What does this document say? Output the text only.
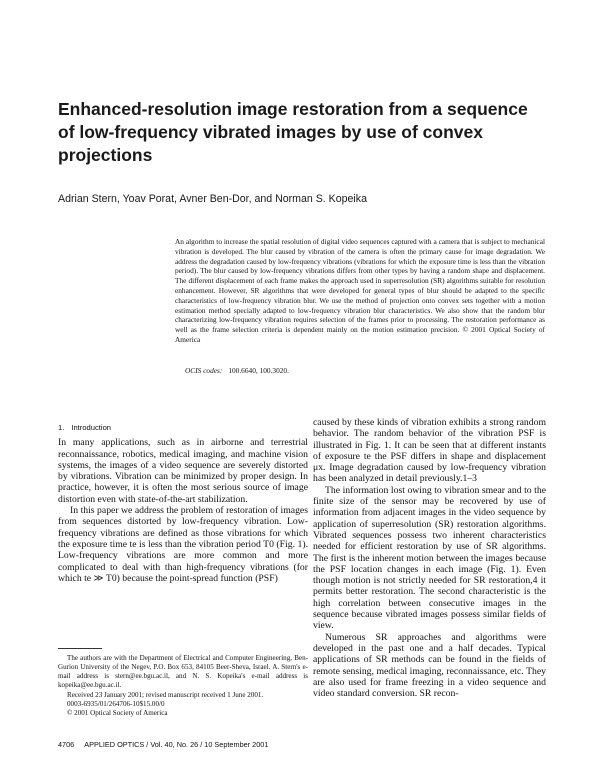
Enhanced-resolution image restoration from a sequence of low-frequency vibrated images by use of convex projections
Adrian Stern, Yoav Porat, Avner Ben-Dor, and Norman S. Kopeika

An algorithm to increase the spatial resolution of digital video sequences captured with a camera that is subject to mechanical vibration is developed. The blur caused by vibration of the camera is often the primary cause for image degradation. We address the degradation caused by low-frequency vibrations (vibrations for which the exposure time is less than the vibration period). The blur caused by low-frequency vibrations differs from other types by having a random shape and displacement. The different displacement of each frame makes the approach used in superresolution (SR) algorithms suitable for resolution enhancement. However, SR algorithms that were developed for general types of blur should be adapted to the specific characteristics of low-frequency vibration blur. We use the method of projection onto convex sets together with a motion estimation method specially adapted to low-frequency vibration blur characteristics. We also show that the random blur characterizing low-frequency vibration requires selection of the frames prior to processing. The restoration performance as well as the frame selection criteria is dependent mainly on the motion estimation precision. © 2001 Optical Society of America

OCIS codes: 100.6640, 100.3020.
1. Introduction

In many applications, such as in airborne and terrestrial reconnaissance, robotics, medical imaging, and machine vision systems, the images of a video sequence are severely distorted by vibrations. Vibration can be minimized by proper design. In practice, however, it is often the most serious source of image distortion even with state-of-the-art stabilization.

In this paper we address the problem of restoration of images from sequences distorted by low-frequency vibration. Low-frequency vibrations are defined as those vibrations for which the exposure time te is less than the vibration period T0 (Fig. 1). Low-frequency vibrations are more common and more complicated to deal with than high-frequency vibrations (for which te ≫ T0) because the point-spread function (PSF)

caused by these kinds of vibration exhibits a strong random behavior. The random behavior of the vibration PSF is illustrated in Fig. 1. It can be seen that at different instants of exposure te the PSF differs in shape and displacement μx. Image degradation caused by low-frequency vibration has been analyzed in detail previously.1–3

The information lost owing to vibration smear and to the finite size of the sensor may be recovered by use of information from adjacent images in the video sequence by application of superresolution (SR) restoration algorithms. Vibrated sequences possess two inherent characteristics needed for efficient restoration by use of SR algorithms. The first is the inherent motion between the images because the PSF location changes in each image (Fig. 1). Even though motion is not strictly needed for SR restoration,4 it permits better restoration. The second characteristic is the high correlation between consecutive images in the sequence because vibrated images possess similar fields of view.

Numerous SR approaches and algorithms were developed in the past one and a half decades. Typical applications of SR methods can be found in the fields of remote sensing, medical imaging, reconnaissance, etc. They are also used for frame freezing in a video sequence and video standard conversion. SR recon-

The authors are with the Department of Electrical and Computer Engineering, Ben-Gurion University of the Negev, P.O. Box 653, 84105 Beer-Sheva, Israel. A. Stern's e-mail address is stern@ee.bgu.ac.il, and N. S. Kopeika's e-mail address is kopeika@ee.bgu.ac.il.

Received 23 January 2001; revised manuscript received 1 June 2001.

0003-6935/01/264706-10$15.00/0

© 2001 Optical Society of America

4706 APPLIED OPTICS / Vol. 40, No. 26 / 10 September 2001
